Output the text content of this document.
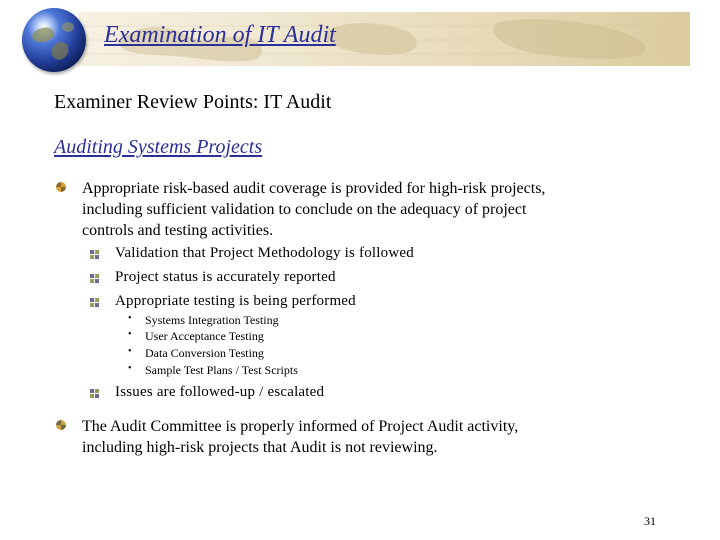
Examination of IT Audit
Examiner Review Points: IT Audit
Auditing Systems Projects
Appropriate risk-based audit coverage is provided for high-risk projects,
including sufficient validation to conclude on the adequacy of project
controls and testing activities.
Validation that Project Methodology is followed
Project status is accurately reported
Appropriate testing is being performed
• Systems Integration Testing
• User Acceptance Testing
• Data Conversion Testing
• Sample Test Plans / Test Scripts
Issues are followed-up / escalated
The Audit Committee is properly informed of Project Audit activity,
including high-risk projects that Audit is not reviewing.
31
